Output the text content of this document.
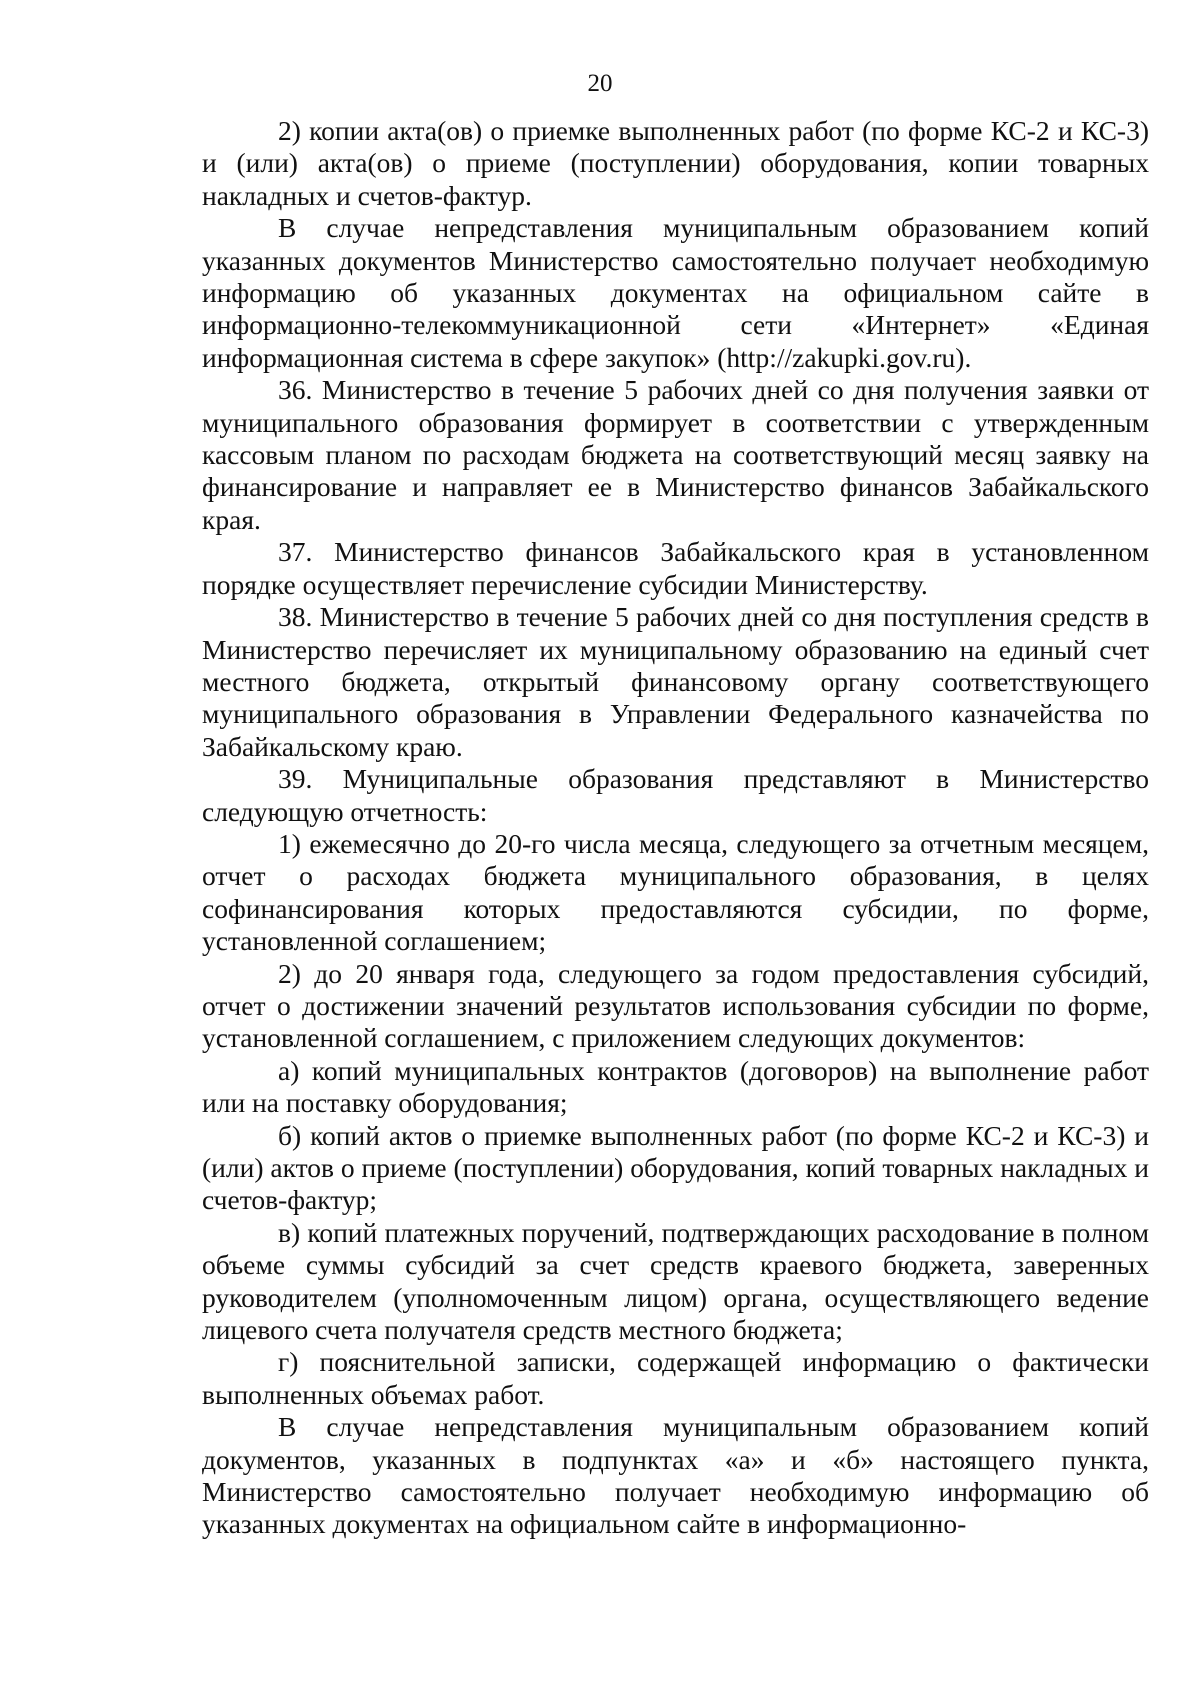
20

2) копии акта(ов) о приемке выполненных работ (по форме КС-2 и КС-3) и (или) акта(ов) о приеме (поступлении) оборудования, копии товарных накладных и счетов-фактур.

В случае непредставления муниципальным образованием копий указанных документов Министерство самостоятельно получает необходимую информацию об указанных документах на официальном сайте в информационно-телекоммуникационной сети «Интернет» «Единая информационная система в сфере закупок» (http://zakupki.gov.ru).

36. Министерство в течение 5 рабочих дней со дня получения заявки от муниципального образования формирует в соответствии с утвержденным кассовым планом по расходам бюджета на соответствующий месяц заявку на финансирование и направляет ее в Министерство финансов Забайкальского края.

37. Министерство финансов Забайкальского края в установленном порядке осуществляет перечисление субсидии Министерству.

38. Министерство в течение 5 рабочих дней со дня поступления средств в Министерство перечисляет их муниципальному образованию на единый счет местного бюджета, открытый финансовому органу соответствующего муниципального образования в Управлении Федерального казначейства по Забайкальскому краю.

39. Муниципальные образования представляют в Министерство следующую отчетность:

1) ежемесячно до 20-го числа месяца, следующего за отчетным месяцем, отчет о расходах бюджета муниципального образования, в целях софинансирования которых предоставляются субсидии, по форме, установленной соглашением;

2) до 20 января года, следующего за годом предоставления субсидий, отчет о достижении значений результатов использования субсидии по форме, установленной соглашением, с приложением следующих документов:

а) копий муниципальных контрактов (договоров) на выполнение работ или на поставку оборудования;

б) копий актов о приемке выполненных работ (по форме КС-2 и КС-3) и (или) актов о приеме (поступлении) оборудования, копий товарных накладных и счетов-фактур;

в) копий платежных поручений, подтверждающих расходование в полном объеме суммы субсидий за счет средств краевого бюджета, заверенных руководителем (уполномоченным лицом) органа, осуществляющего ведение лицевого счета получателя средств местного бюджета;

г) пояснительной записки, содержащей информацию о фактически выполненных объемах работ.

В случае непредставления муниципальным образованием копий документов, указанных в подпунктах «а» и «б» настоящего пункта, Министерство самостоятельно получает необходимую информацию об указанных документах на официальном сайте в информационно-
